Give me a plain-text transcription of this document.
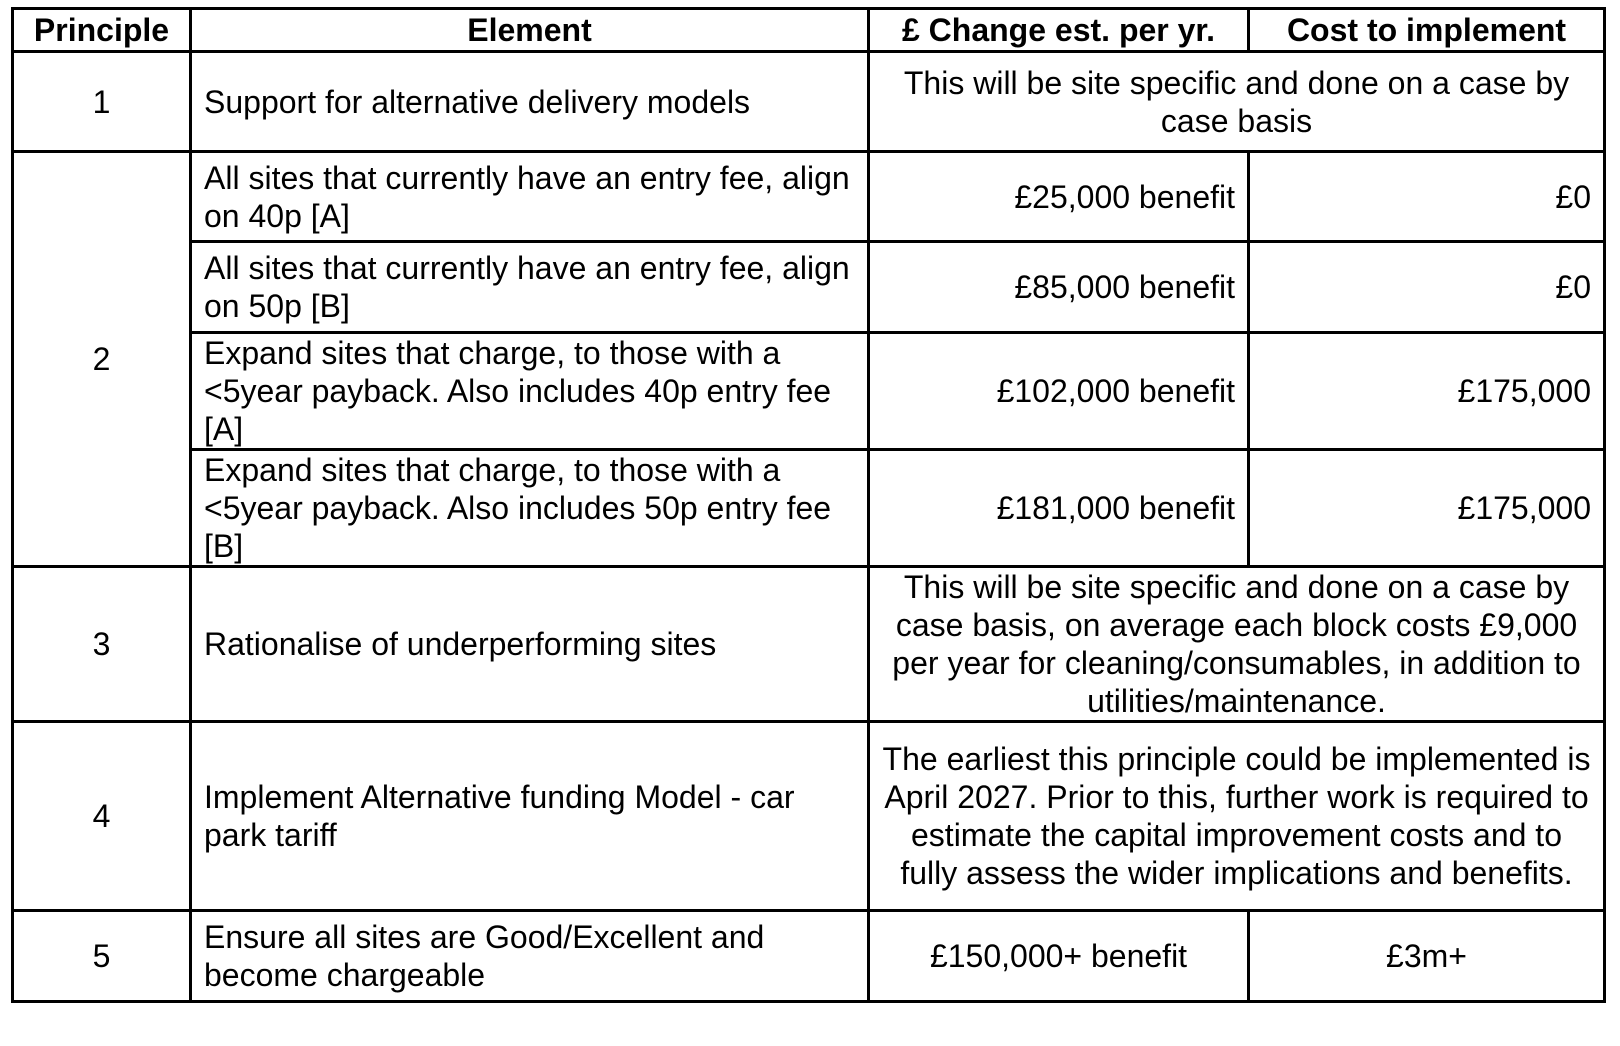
Principle	Element	£ Change est. per yr.	Cost to implement
1	Support for alternative delivery models	This will be site specific and done on a case by case basis	
2	All sites that currently have an entry fee, align on 40p [A]	£25,000 benefit	£0
	All sites that currently have an entry fee, align on 50p [B]	£85,000 benefit	£0
	Expand sites that charge, to those with a <5year payback. Also includes 40p entry fee [A]	£102,000 benefit	£175,000
	Expand sites that charge, to those with a <5year payback. Also includes 50p entry fee [B]	£181,000 benefit	£175,000
3	Rationalise of underperforming sites	This will be site specific and done on a case by case basis, on average each block costs £9,000 per year for cleaning/consumables, in addition to utilities/maintenance.	
4	Implement Alternative funding Model - car park tariff	The earliest this principle could be implemented is April 2027. Prior to this, further work is required to estimate the capital improvement costs and to fully assess the wider implications and benefits.	
5	Ensure all sites are Good/Excellent and become chargeable	£150,000+ benefit	£3m+
